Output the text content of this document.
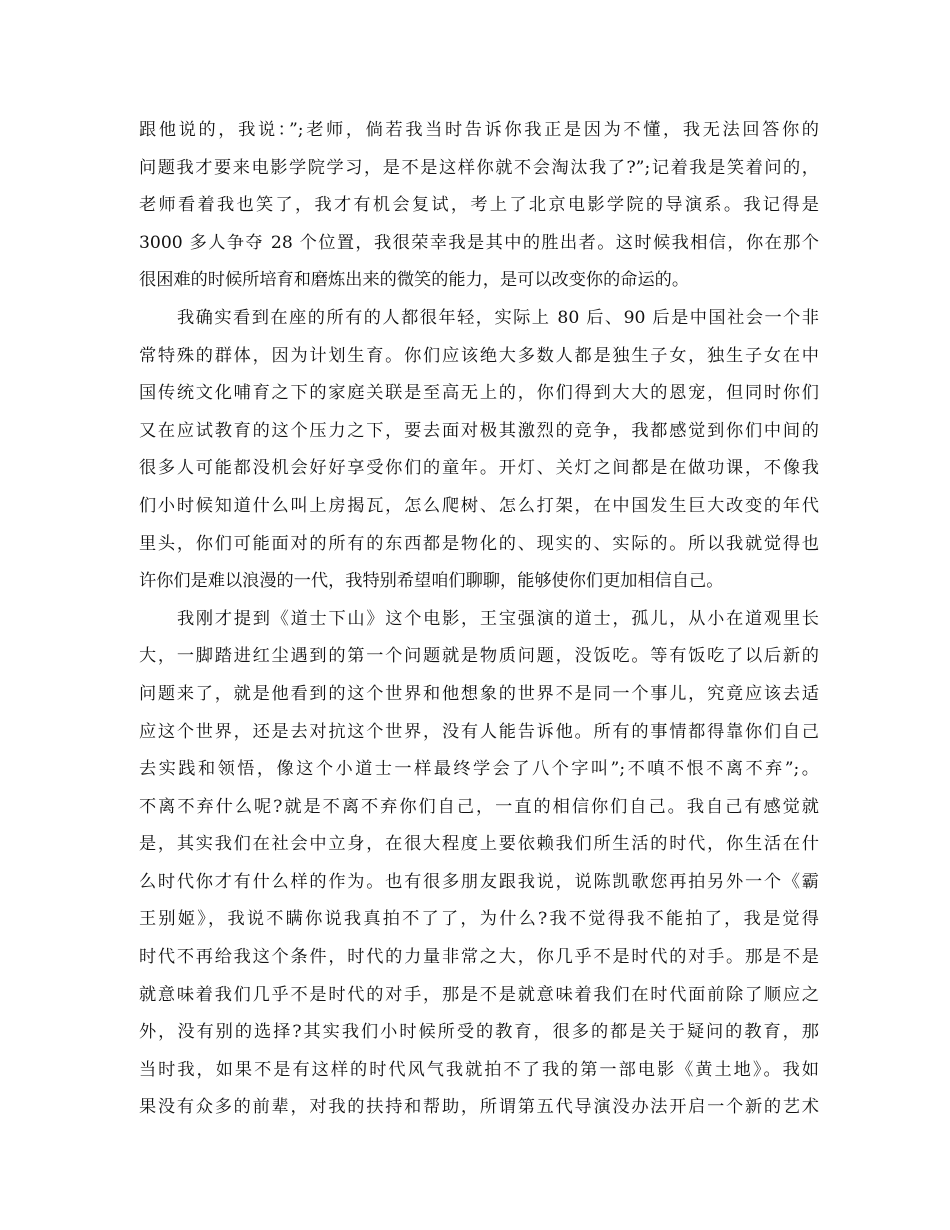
跟他说的，我说：”;老师，倘若我当时告诉你我正是因为不懂，我无法回答你的
问题我才要来电影学院学习，是不是这样你就不会淘汰我了?”;记着我是笑着问的，
老师看着我也笑了，我才有机会复试，考上了北京电影学院的导演系。我记得是
3000 多人争夺 28 个位置，我很荣幸我是其中的胜出者。这时候我相信，你在那个
很困难的时候所培育和磨炼出来的微笑的能力，是可以改变你的命运的。
我确实看到在座的所有的人都很年轻，实际上 80 后、90 后是中国社会一个非
常特殊的群体，因为计划生育。你们应该绝大多数人都是独生子女，独生子女在中
国传统文化哺育之下的家庭关联是至高无上的，你们得到大大的恩宠，但同时你们
又在应试教育的这个压力之下，要去面对极其激烈的竞争，我都感觉到你们中间的
很多人可能都没机会好好享受你们的童年。开灯、关灯之间都是在做功课，不像我
们小时候知道什么叫上房揭瓦，怎么爬树、怎么打架，在中国发生巨大改变的年代
里头，你们可能面对的所有的东西都是物化的、现实的、实际的。所以我就觉得也
许你们是难以浪漫的一代，我特别希望咱们聊聊，能够使你们更加相信自己。
我刚才提到《道士下山》这个电影，王宝强演的道士，孤儿，从小在道观里长
大，一脚踏进红尘遇到的第一个问题就是物质问题，没饭吃。等有饭吃了以后新的
问题来了，就是他看到的这个世界和他想象的世界不是同一个事儿，究竟应该去适
应这个世界，还是去对抗这个世界，没有人能告诉他。所有的事情都得靠你们自己
去实践和领悟，像这个小道士一样最终学会了八个字叫”;不嗔不恨不离不弃”;。
不离不弃什么呢?就是不离不弃你们自己，一直的相信你们自己。我自己有感觉就
是，其实我们在社会中立身，在很大程度上要依赖我们所生活的时代，你生活在什
么时代你才有什么样的作为。也有很多朋友跟我说，说陈凯歌您再拍另外一个《霸
王别姬》，我说不瞒你说我真拍不了了，为什么?我不觉得我不能拍了，我是觉得
时代不再给我这个条件，时代的力量非常之大，你几乎不是时代的对手。那是不是
就意味着我们几乎不是时代的对手，那是不是就意味着我们在时代面前除了顺应之
外，没有别的选择?其实我们小时候所受的教育，很多的都是关于疑问的教育，那
当时我，如果不是有这样的时代风气我就拍不了我的第一部电影《黄土地》。我如
果没有众多的前辈，对我的扶持和帮助，所谓第五代导演没办法开启一个新的艺术
